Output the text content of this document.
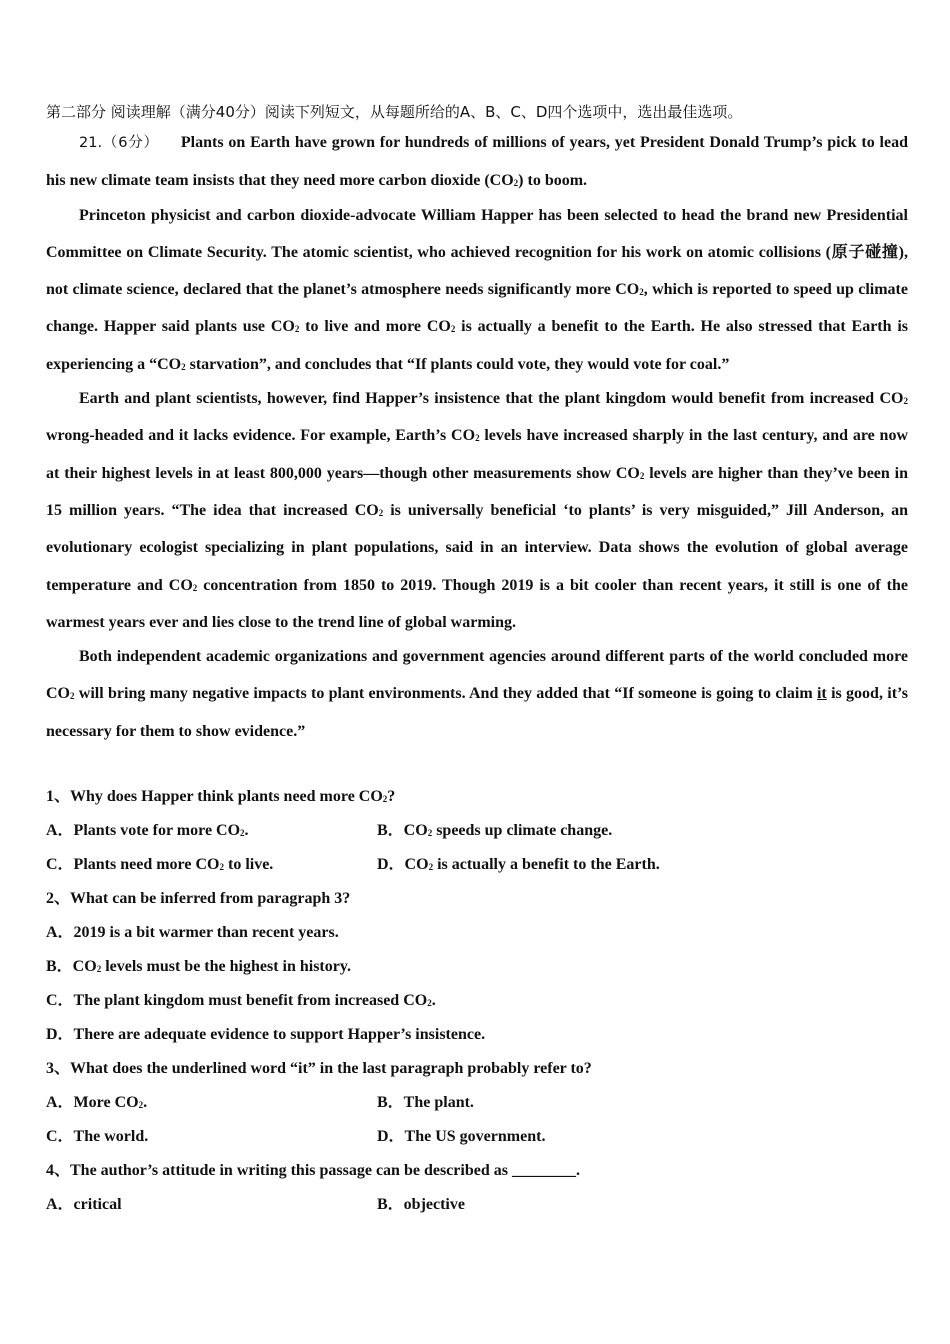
第二部分 阅读理解（满分40分）阅读下列短文，从每题所给的A、B、C、D四个选项中，选出最佳选项。

21.（6分） Plants on Earth have grown for hundreds of millions of years, yet President Donald Trump’s pick to lead his new climate team insists that they need more carbon dioxide $(CO_2)$ to boom.

Princeton physicist and carbon dioxide-advocate William Happer has been selected to head the brand new Presidential Committee on Climate Security. The atomic scientist, who achieved recognition for his work on atomic collisions (原子碰撞), not climate science, declared that the planet’s atmosphere needs significantly more $CO_2$, which is reported to speed up climate change. Happer said plants use $CO_2$ to live and more $CO_2$ is actually a benefit to the Earth. He also stressed that Earth is experiencing a “$CO_2$ starvation”, and concludes that “If plants could vote, they would vote for coal.”

Earth and plant scientists, however, find Happer’s insistence that the plant kingdom would benefit from increased $CO_2$ wrong-headed and it lacks evidence. For example, Earth’s $CO_2$ levels have increased sharply in the last century, and are now at their highest levels in at least 800,000 years—though other measurements show $CO_2$ levels are higher than they’ve been in 15 million years. “The idea that increased $CO_2$ is universally beneficial ‘to plants’ is very misguided,” Jill Anderson, an evolutionary ecologist specializing in plant populations, said in an interview. Data shows the evolution of global average temperature and $CO_2$ concentration from 1850 to 2019. Though 2019 is a bit cooler than recent years, it still is one of the warmest years ever and lies close to the trend line of global warming.

Both independent academic organizations and government agencies around different parts of the world concluded more $CO_2$ will bring many negative impacts to plant environments. And they added that “If someone is going to claim it is good, it’s necessary for them to show evidence.”

1、Why does Happer think plants need more $CO_2$?
A．Plants vote for more $CO_2$.	B．$CO_2$ speeds up climate change.
C．Plants need more $CO_2$ to live.	D．$CO_2$ is actually a benefit to the Earth.
2、What can be inferred from paragraph 3?
A．2019 is a bit warmer than recent years.
B．$CO_2$ levels must be the highest in history.
C．The plant kingdom must benefit from increased $CO_2$.
D．There are adequate evidence to support Happer’s insistence.
3、What does the underlined word “it” in the last paragraph probably refer to?
A．More $CO_2$.	B．The plant.
C．The world.	D．The US government.
4、The author’s attitude in writing this passage can be described as ________.
A．critical	B．objective
